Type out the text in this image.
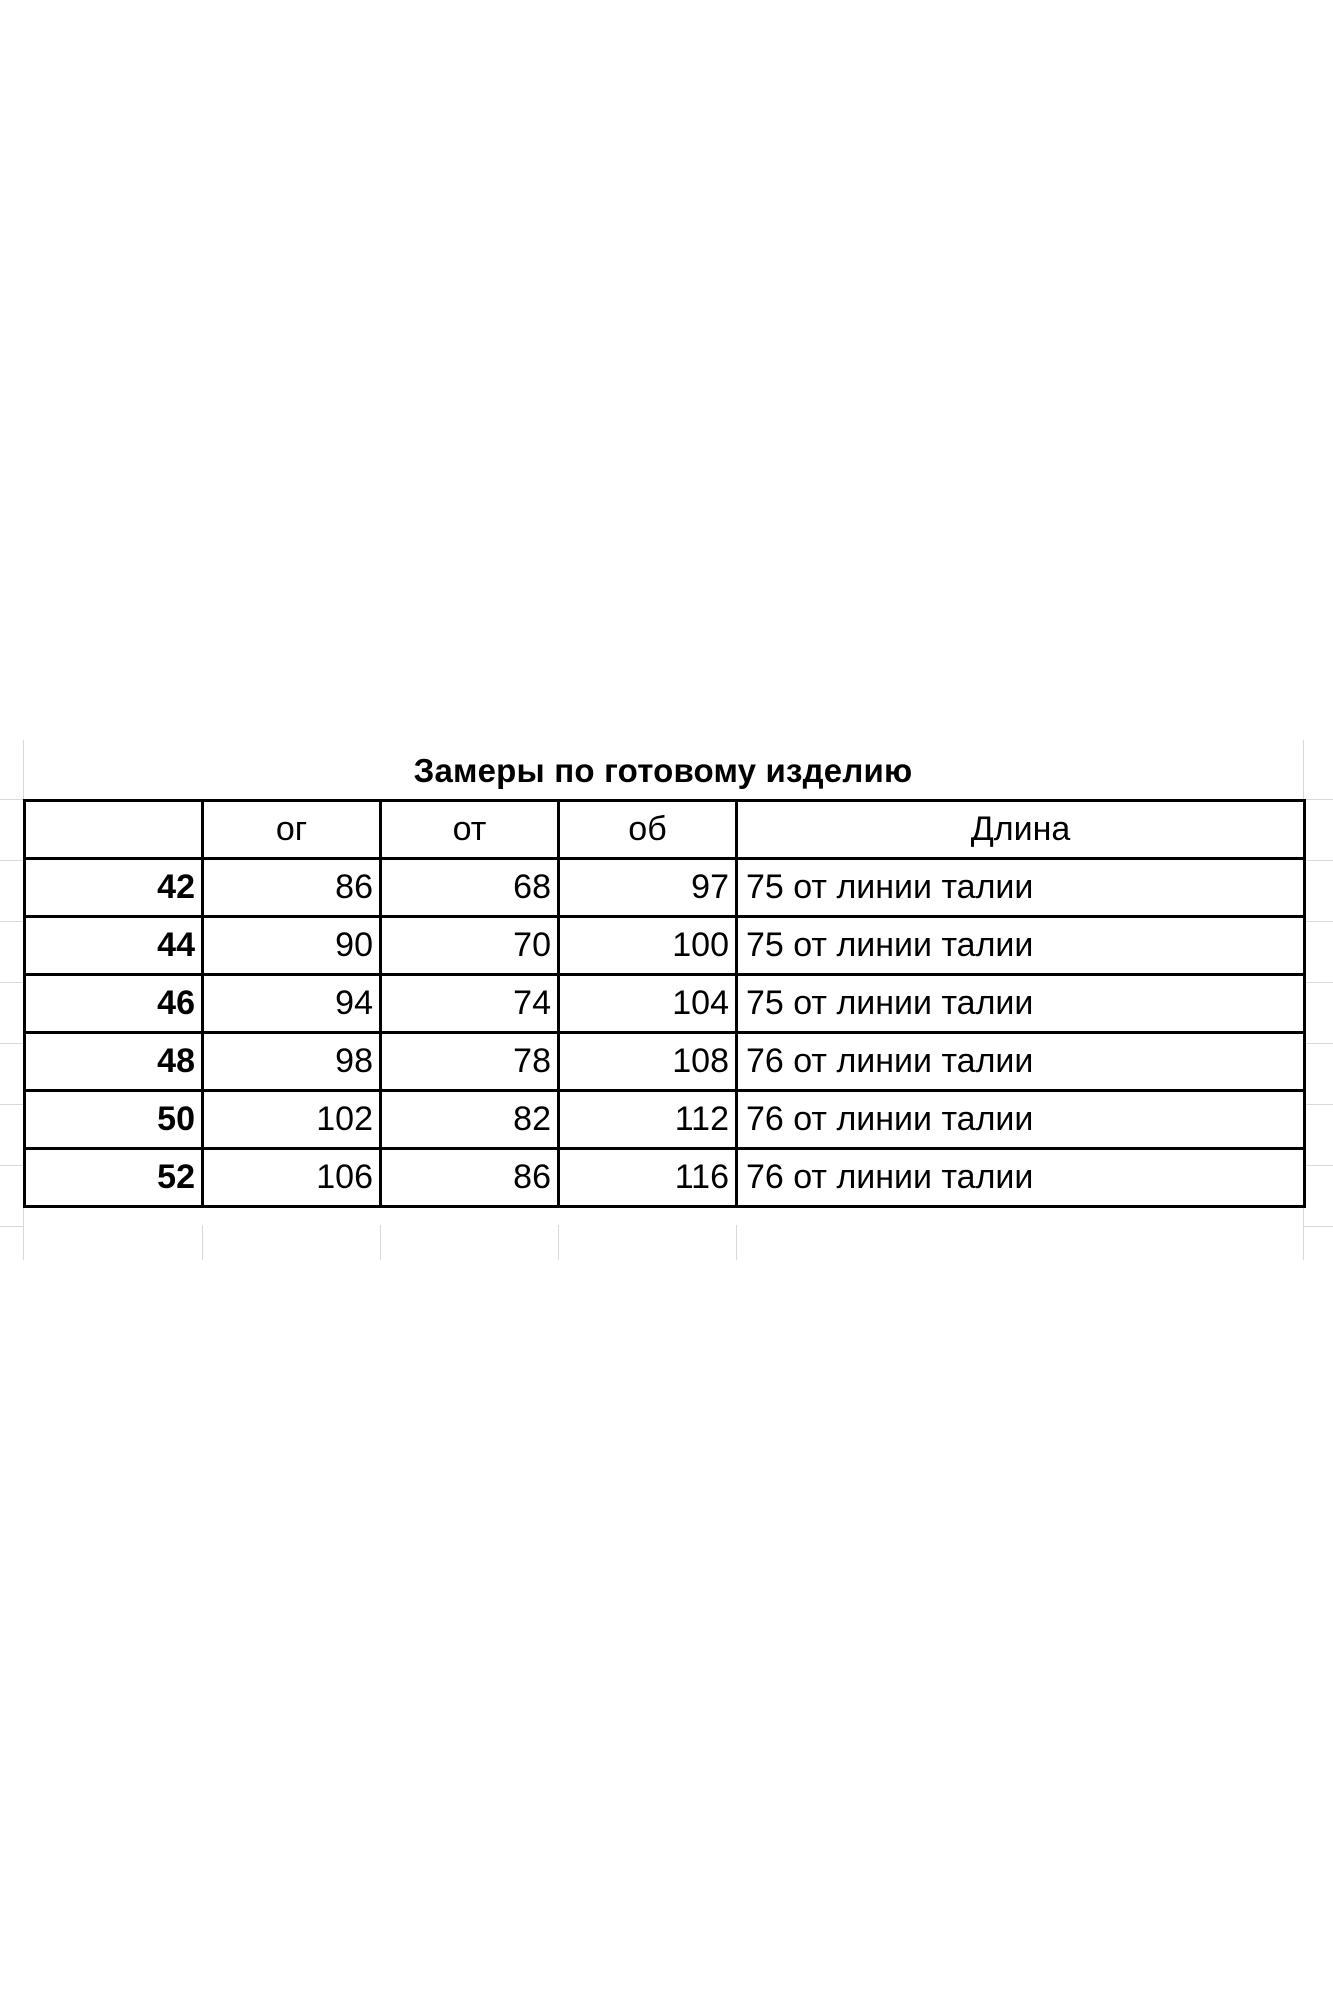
Замеры по готовому изделию
	ог	от	об	Длина
42	86	68	97	75 от линии талии
44	90	70	100	75 от линии талии
46	94	74	104	75 от линии талии
48	98	78	108	76 от линии талии
50	102	82	112	76 от линии талии
52	106	86	116	76 от линии талии
